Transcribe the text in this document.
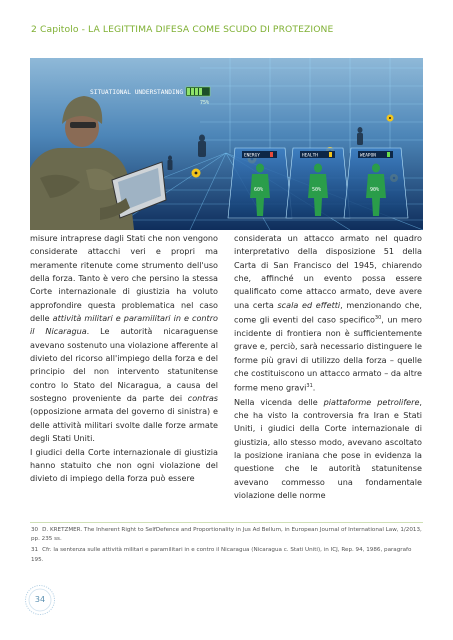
2 Capitolo - LA LEGITTIMA DIFESA COME SCUDO DI PROTEZIONE
SITUATIONAL UNDERSTANDING
75%
ENERGY
60%
HEALTH
50%
WEAPON
90%

misure intraprese dagli Stati che non vengono considerate attacchi veri e propri ma meramente ritenute come strumento dell'uso della forza. Tanto è vero che persino la stessa Corte internazionale di giustizia ha voluto approfondire questa problematica nel caso delle attività militari e paramilitari in e contro il Nicaragua. Le autorità nicaraguense avevano sostenuto una violazione afferente al divieto del ricorso all'impiego della forza e del principio del non intervento statunitense contro lo Stato del Nicaragua, a causa del sostegno proveniente da parte dei contras (opposizione armata del governo di sinistra) e delle attività militari svolte dalle forze armate degli Stati Uniti.

I giudici della Corte internazionale di giustizia hanno statuito che non ogni violazione del divieto di impiego della forza può essere

considerata un attacco armato nel quadro interpretativo della disposizione 51 della Carta di San Francisco del 1945, chiarendo che, affinché un evento possa essere qualificato come attacco armato, deve avere una certa scala ed effetti, menzionando che, come gli eventi del caso specifico$^{30}$, un mero incidente di frontiera non è sufficientemente grave e, perciò, sarà necessario distinguere le forme più gravi di utilizzo della forza – quelle che costituiscono un attacco armato – da altre forme meno gravi$^{31}$.

Nella vicenda delle piattaforme petrolifere, che ha visto la controversia fra Iran e Stati Uniti, i giudici della Corte internazionale di giustizia, allo stesso modo, avevano ascoltato la posizione iraniana che pose in evidenza la questione che le autorità statunitense avevano commesso una fondamentale violazione delle norme

30 D. KRETZMER. The Inherent Right to SelfDefence and Proportionality in Jus Ad Bellum, in European Journal of International Law, 1/2013, pp. 235 ss.

31 Cfr. la sentenza sulle attività militari e paramilitari in e contro il Nicaragua (Nicaragua c. Stati Uniti), in ICJ, Rep. 94, 1986, paragrafo 195.

34
